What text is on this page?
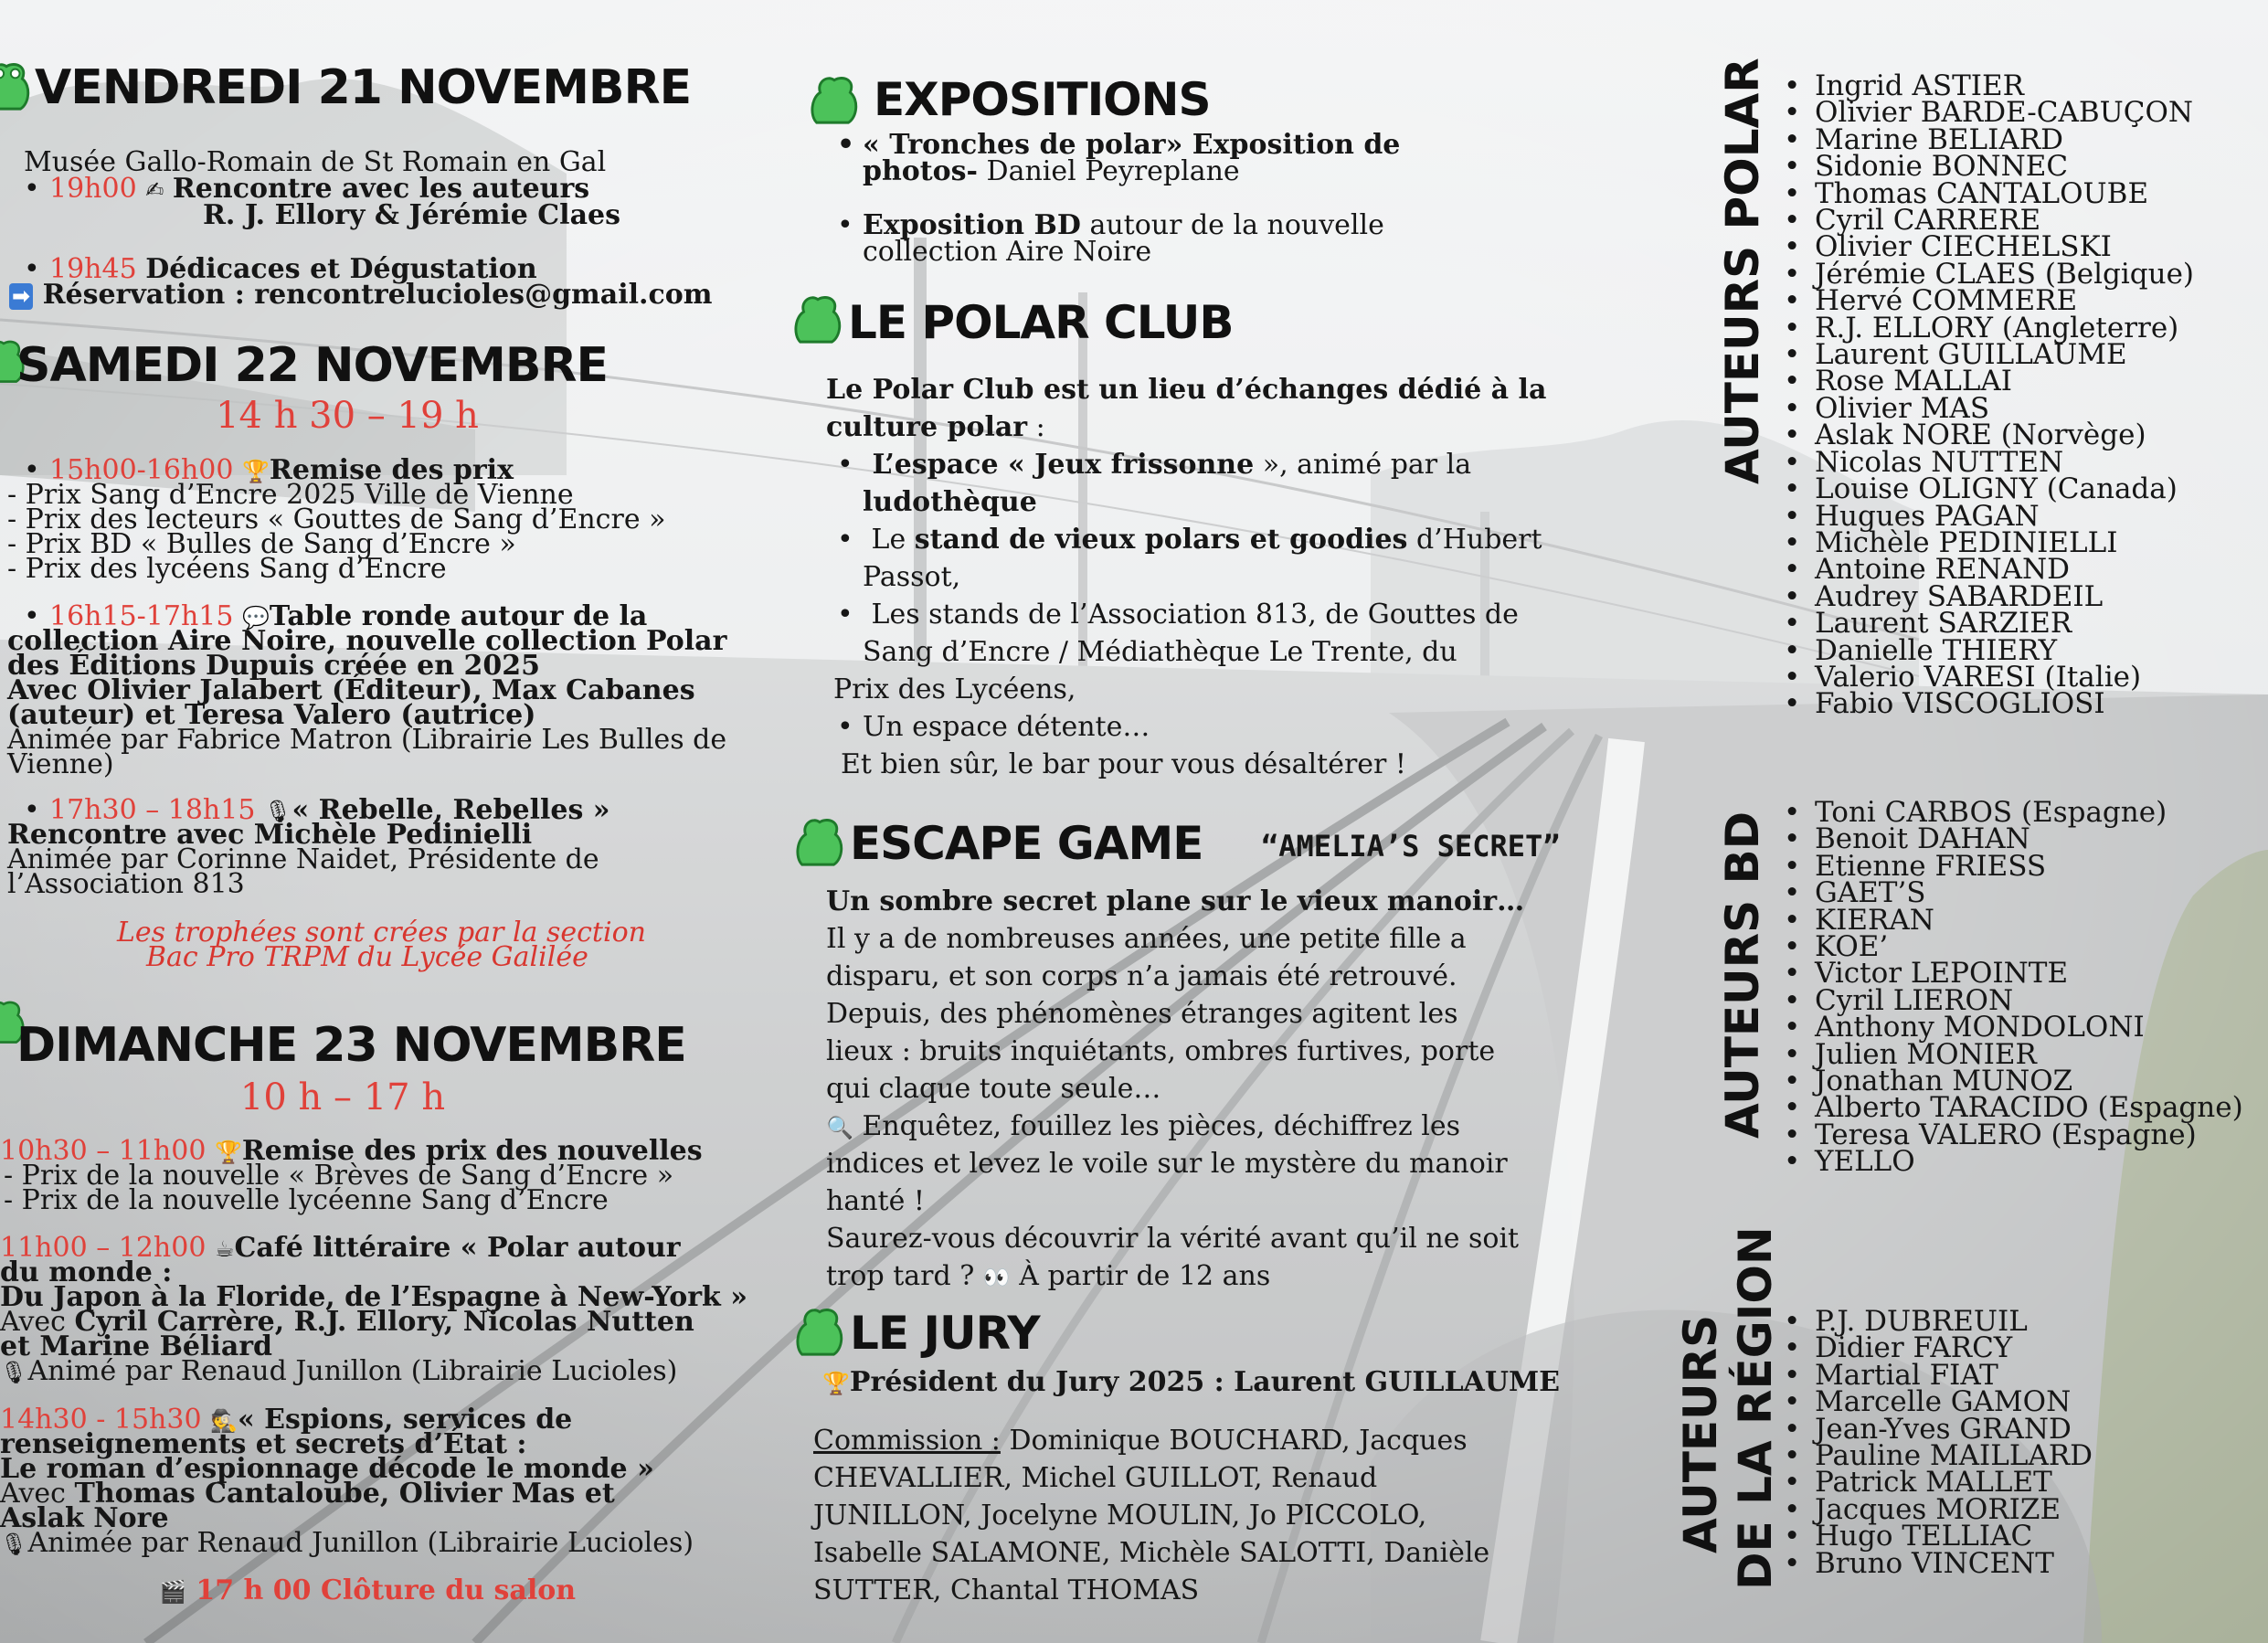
VENDREDI 21 NOVEMBRE
Musée Gallo-Romain de St Romain en Gal
• 19h00 ✍ Rencontre avec les auteurs
R. J. Ellory & Jérémie Claes
• 19h45 Dédicaces et Dégustation
➡ Réservation : rencontrelucioles@gmail.com
SAMEDI 22 NOVEMBRE
14 h 30 – 19 h
• 15h00-16h00 🏆Remise des prix
- Prix Sang d’Encre 2025 Ville de Vienne
- Prix des lecteurs « Gouttes de Sang d’Encre »
- Prix BD « Bulles de Sang d’Encre »
- Prix des lycéens Sang d’Encre
• 16h15-17h15 💬Table ronde autour de la
collection Aire Noire, nouvelle collection Polar
des Éditions Dupuis créée en 2025
Avec Olivier Jalabert (Éditeur), Max Cabanes
(auteur) et Teresa Valero (autrice)
Animée par Fabrice Matron (Librairie Les Bulles de
Vienne)
• 17h30 – 18h15 🎙« Rebelle, Rebelles »
Rencontre avec Michèle Pedinielli
Animée par Corinne Naidet, Présidente de
l’Association 813
Les trophées sont crées par la section
Bac Pro TRPM du Lycée Galilée
DIMANCHE 23 NOVEMBRE
10 h – 17 h
10h30 – 11h00 🏆Remise des prix des nouvelles
- Prix de la nouvelle « Brèves de Sang d’Encre »
- Prix de la nouvelle lycéenne Sang d’Encre
11h00 – 12h00 ☕Café littéraire « Polar autour
du monde :
Du Japon à la Floride, de l’Espagne à New-York »
Avec Cyril Carrère, R.J. Ellory, Nicolas Nutten
et Marine Béliard
🎙Animé par Renaud Junillon (Librairie Lucioles)
14h30 - 15h30 🕵« Espions, services de
renseignements et secrets d’État :
Le roman d’espionnage décode le monde »
Avec Thomas Cantaloube, Olivier Mas et
Aslak Nore
🎙Animée par Renaud Junillon (Librairie Lucioles)
🎬 17 h 00 Clôture du salon
EXPOSITIONS
• « Tronches de polar» Exposition de
photos- Daniel Peyreplane
• Exposition BD autour de la nouvelle
collection Aire Noire
LE POLAR CLUB
Le Polar Club est un lieu d’échanges dédié à la
culture polar :
• L’espace « Jeux frissonne », animé par la
ludothèque
• Le stand de vieux polars et goodies d’Hubert
Passot,
• Les stands de l’Association 813, de Gouttes de
Sang d’Encre / Médiathèque Le Trente, du
Prix des Lycéens,
• Un espace détente…
Et bien sûr, le bar pour vous désaltérer !
ESCAPE GAME “AMELIA’S SECRET”
Un sombre secret plane sur le vieux manoir…
Il y a de nombreuses années, une petite fille a
disparu, et son corps n’a jamais été retrouvé.
Depuis, des phénomènes étranges agitent les
lieux : bruits inquiétants, ombres furtives, porte
qui claque toute seule…
🔍 Enquêtez, fouillez les pièces, déchiffrez les
indices et levez le voile sur le mystère du manoir
hanté !
Saurez-vous découvrir la vérité avant qu’il ne soit
trop tard ? 👀 À partir de 12 ans
LE JURY
🏆Président du Jury 2025 : Laurent GUILLAUME
Commission : Dominique BOUCHARD, Jacques
CHEVALLIER, Michel GUILLOT, Renaud
JUNILLON, Jocelyne MOULIN, Jo PICCOLO,
Isabelle SALAMONE, Michèle SALOTTI, Danièle
SUTTER, Chantal THOMAS
AUTEURS POLAR	• Ingrid ASTIER
• Olivier BARDE-CABUÇON
• Marine BELIARD
• Sidonie BONNEC
• Thomas CANTALOUBE
• Cyril CARRERE
• Olivier CIECHELSKI
• Jérémie CLAES (Belgique)
• Hervé COMMERE
• R.J. ELLORY (Angleterre)
• Laurent GUILLAUME
• Rose MALLAI
• Olivier MAS
• Aslak NORE (Norvège)
• Nicolas NUTTEN
• Louise OLIGNY (Canada)
• Hugues PAGAN
• Michèle PEDINIELLI
• Antoine RENAND
• Audrey SABARDEIL
• Laurent SARZIER
• Danielle THIERY
• Valerio VARESI (Italie)
• Fabio VISCOGLIOSI
AUTEURS BD	• Toni CARBOS (Espagne)
• Benoit DAHAN
• Etienne FRIESS
• GAET’S
• KIERAN
• KOE’
• Victor LEPOINTE
• Cyril LIERON
• Anthony MONDOLONI
• Julien MONIER
• Jonathan MUNOZ
• Alberto TARACIDO (Espagne)
• Teresa VALERO (Espagne)
• YELLO
AUTEURS DE LA RÉGION	• P.J. DUBREUIL
• Didier FARCY
• Martial FIAT
• Marcelle GAMON
• Jean-Yves GRAND
• Pauline MAILLARD
• Patrick MALLET
• Jacques MORIZE
• Hugo TELLIAC
• Bruno VINCENT
